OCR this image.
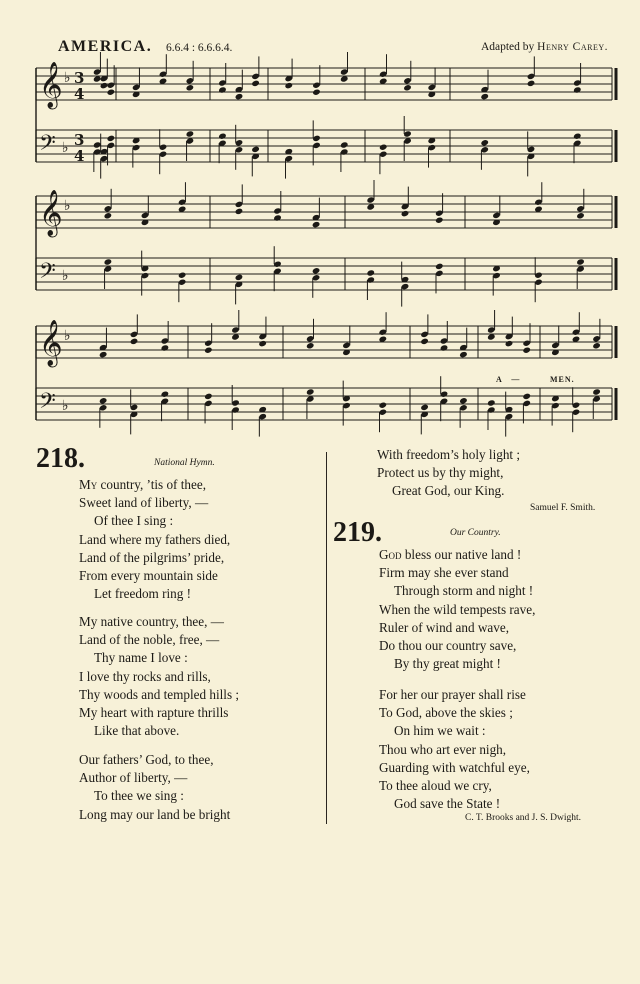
AMERICA. 6.6.4 : 6.6.6.4.	Adapted by Henry Carey.
𝄞 ♭ 3
4
𝄢 ♭ 3
4
𝄞 ♭
𝄢 ♭
𝄞 ♭
𝄢 ♭
A —	MEN.
218.	National Hymn.
My country, ’tis of thee,
Sweet land of liberty, —
Of thee I sing :
Land where my fathers died,
Land of the pilgrims’ pride,
From every mountain side
Let freedom ring !
My native country, thee, —
Land of the noble, free, —
Thy name I love :
I love thy rocks and rills,
Thy woods and templed hills ;
My heart with rapture thrills
Like that above.
Our fathers’ God, to thee,
Author of liberty, —
To thee we sing :
Long may our land be bright
With freedom’s holy light ;
Protect us by thy might,
Great God, our King.
Samuel F. Smith.
219.	Our Country.
God bless our native land !
Firm may she ever stand
Through storm and night !
When the wild tempests rave,
Ruler of wind and wave,
Do thou our country save,
By thy great might !
For her our prayer shall rise
To God, above the skies ;
On him we wait :
Thou who art ever nigh,
Guarding with watchful eye,
To thee aloud we cry,
God save the State !
C. T. Brooks and J. S. Dwight.
